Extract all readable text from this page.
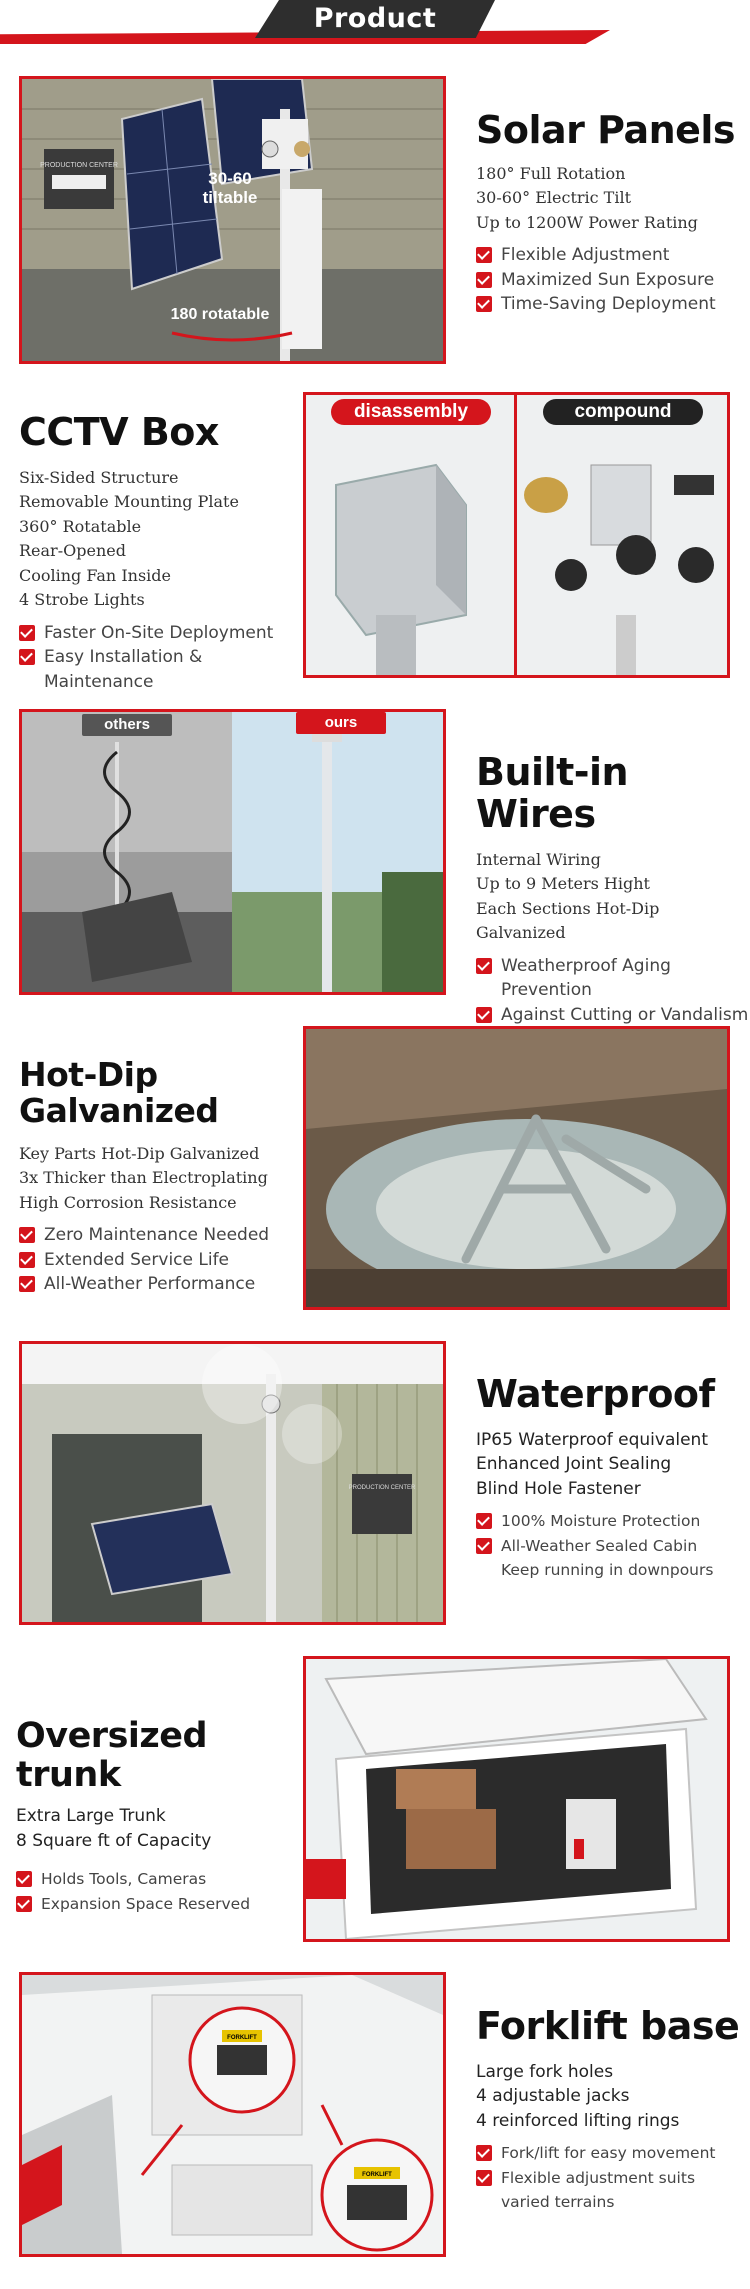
Product Details
PRODUCTION CENTER
30-60
tiltable
180 rotatable
Solar Panels
180° Full Rotation
30-60° Electric Tilt
Up to 1200W Power Rating
Flexible Adjustment
Maximized Sun Exposure
Time-Saving Deployment
CCTV Box
Six-Sided Structure
Removable Mounting Plate
360° Rotatable
Rear-Opened
Cooling Fan Inside
4 Strobe Lights
Faster On-Site Deployment
Easy Installation & Maintenance
disassembly	compound
others	ours
Built-in Wires
Internal Wiring
Up to 9 Meters Hight
Each Sections Hot-Dip Galvanized
Weatherproof Aging Prevention
Against Cutting or Vandalism
Hot-Dip Galvanized
Key Parts Hot-Dip Galvanized
3x Thicker than Electroplating
High Corrosion Resistance
Zero Maintenance Needed
Extended Service Life
All-Weather Performance
PRODUCTION CENTER
Waterproof
IP65 Waterproof equivalent
Enhanced Joint Sealing
Blind Hole Fastener
100% Moisture Protection
All-Weather Sealed Cabin
Keep running in downpours
Oversized trunk
Extra Large Trunk
8 Square ft of Capacity
Holds Tools, Cameras
Expansion Space Reserved
FORKLIFT
FORKLIFT
Forklift base
Large fork holes
4 adjustable jacks
4 reinforced lifting rings
Fork/lift for easy movement
Flexible adjustment suits
varied terrains
